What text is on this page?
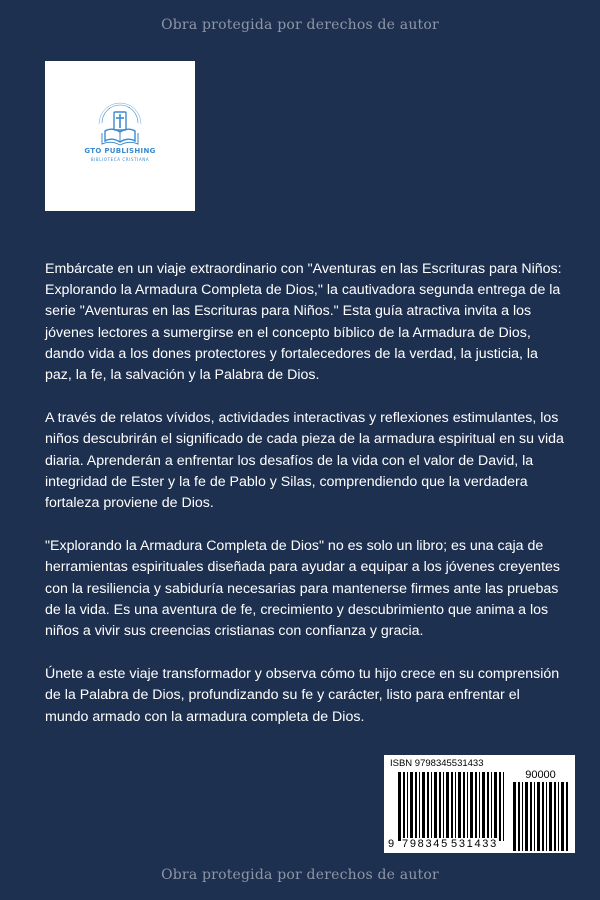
Obra protegida por derechos de autor
GTO PUBLISHING
BIBLIOTECA CRISTIANA

Embárcate en un viaje extraordinario con "Aventuras en las Escrituras para Niños: Explorando la Armadura Completa de Dios," la cautivadora segunda entrega de la serie "Aventuras en las Escrituras para Niños." Esta guía atractiva invita a los jóvenes lectores a sumergirse en el concepto bíblico de la Armadura de Dios, dando vida a los dones protectores y fortalecedores de la verdad, la justicia, la paz, la fe, la salvación y la Palabra de Dios.

A través de relatos vívidos, actividades interactivas y reflexiones estimulantes, los niños descubrirán el significado de cada pieza de la armadura espiritual en su vida diaria. Aprenderán a enfrentar los desafíos de la vida con el valor de David, la integridad de Ester y la fe de Pablo y Silas, comprendiendo que la verdadera fortaleza proviene de Dios.

"Explorando la Armadura Completa de Dios" no es solo un libro; es una caja de herramientas espirituales diseñada para ayudar a equipar a los jóvenes creyentes con la resiliencia y sabiduría necesarias para mantenerse firmes ante las pruebas de la vida. Es una aventura de fe, crecimiento y descubrimiento que anima a los niños a vivir sus creencias cristianas con confianza y gracia.

Únete a este viaje transformador y observa cómo tu hijo crece en su comprensión de la Palabra de Dios, profundizando su fe y carácter, listo para enfrentar el mundo armado con la armadura completa de Dios.

ISBN 9798345531433
90000
9 798345 531433
Obra protegida por derechos de autor
